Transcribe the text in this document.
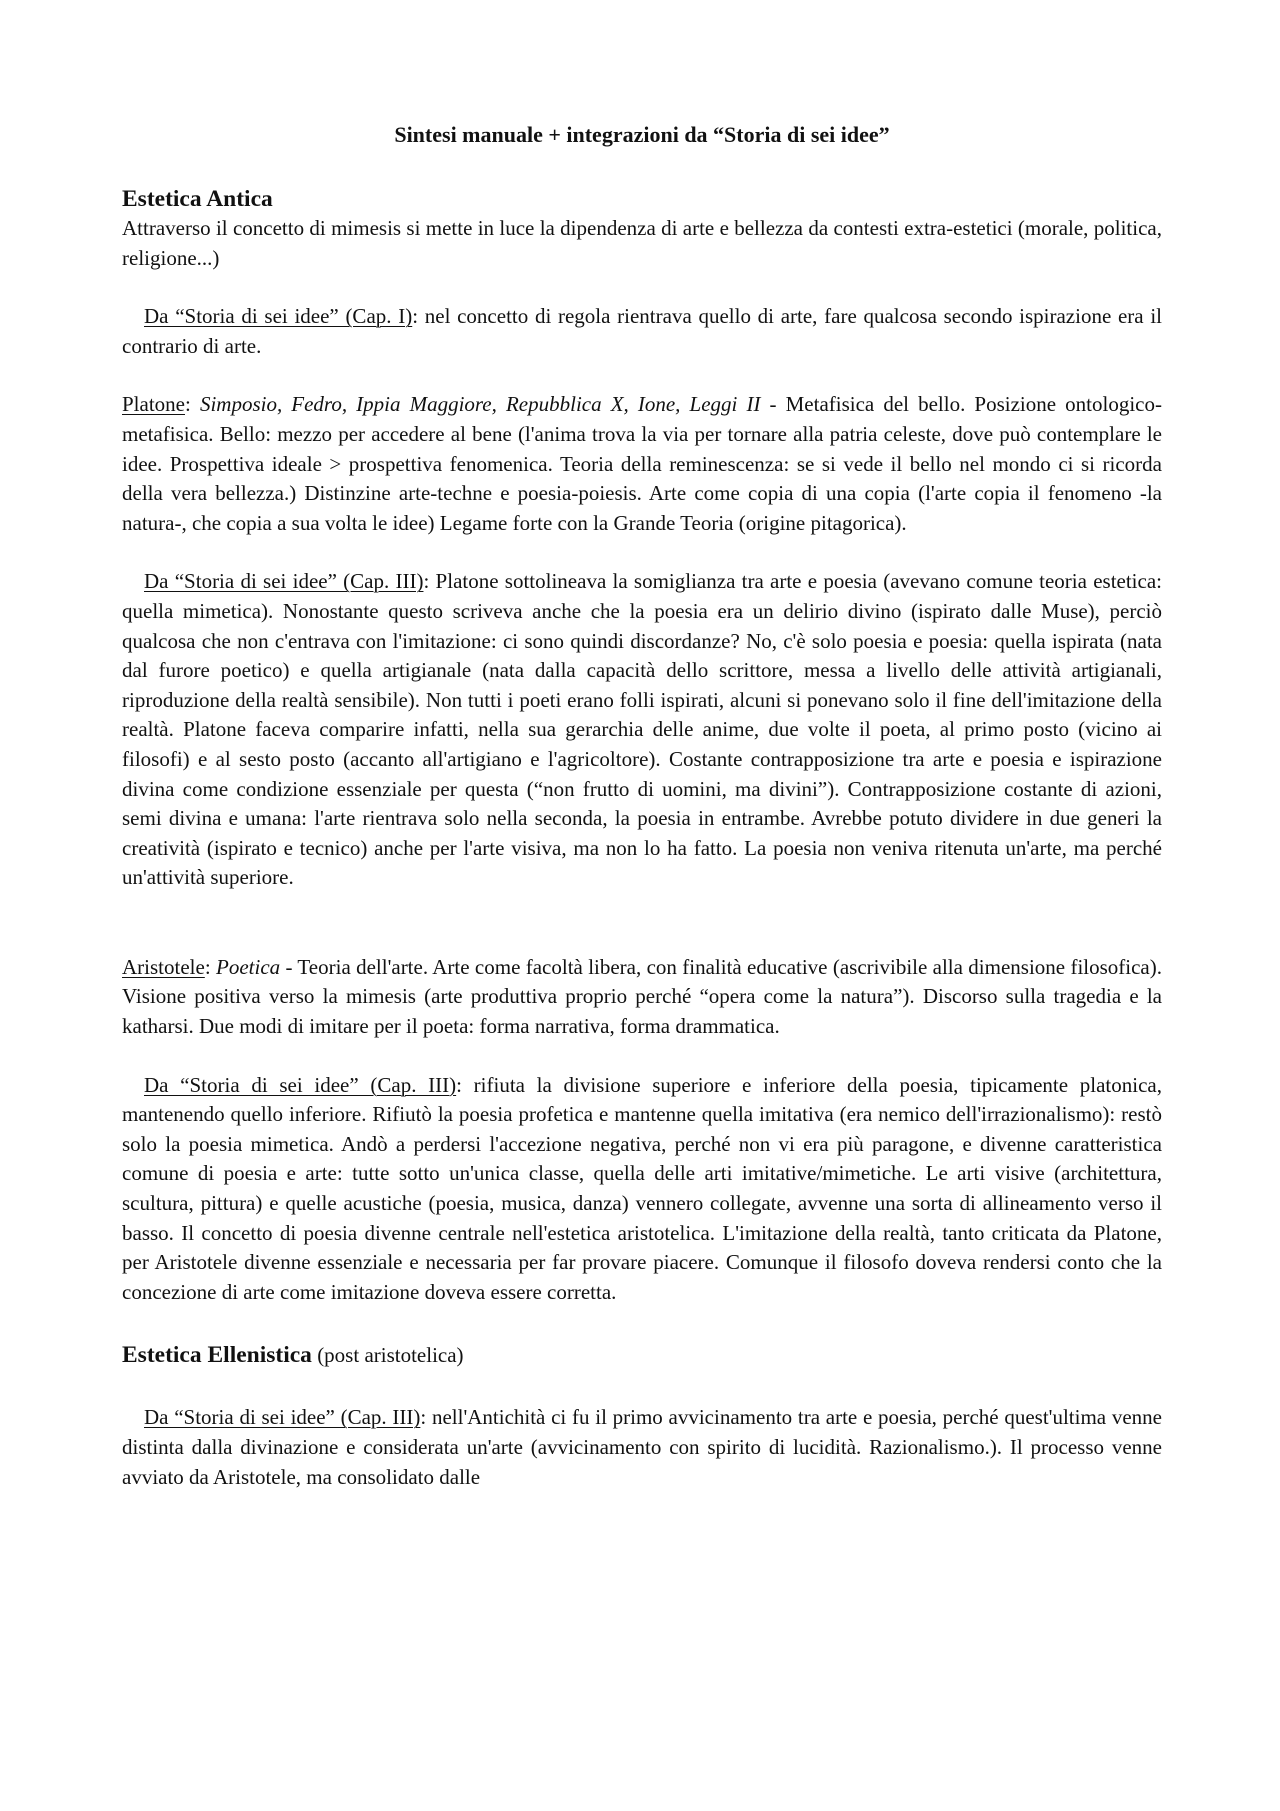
Sintesi manuale + integrazioni da “Storia di sei idee”
Estetica Antica

Attraverso il concetto di mimesis si mette in luce la dipendenza di arte e bellezza da contesti extra-estetici (morale, politica, religione...)

Da “Storia di sei idee” (Cap. I): nel concetto di regola rientrava quello di arte, fare qualcosa secondo ispirazione era il contrario di arte.

Platone: Simposio, Fedro, Ippia Maggiore, Repubblica X, Ione, Leggi II - Metafisica del bello. Posizione ontologico-metafisica. Bello: mezzo per accedere al bene (l'anima trova la via per tornare alla patria celeste, dove può contemplare le idee. Prospettiva ideale > prospettiva fenomenica. Teoria della reminescenza: se si vede il bello nel mondo ci si ricorda della vera bellezza.) Distinzine arte-techne e poesia-poiesis. Arte come copia di una copia (l'arte copia il fenomeno -la natura-, che copia a sua volta le idee) Legame forte con la Grande Teoria (origine pitagorica).

Da “Storia di sei idee” (Cap. III): Platone sottolineava la somiglianza tra arte e poesia (avevano comune teoria estetica: quella mimetica). Nonostante questo scriveva anche che la poesia era un delirio divino (ispirato dalle Muse), perciò qualcosa che non c'entrava con l'imitazione: ci sono quindi discordanze? No, c'è solo poesia e poesia: quella ispirata (nata dal furore poetico) e quella artigianale (nata dalla capacità dello scrittore, messa a livello delle attività artigianali, riproduzione della realtà sensibile). Non tutti i poeti erano folli ispirati, alcuni si ponevano solo il fine dell'imitazione della realtà. Platone faceva comparire infatti, nella sua gerarchia delle anime, due volte il poeta, al primo posto (vicino ai filosofi) e al sesto posto (accanto all'artigiano e l'agricoltore). Costante contrapposizione tra arte e poesia e ispirazione divina come condizione essenziale per questa (“non frutto di uomini, ma divini”). Contrapposizione costante di azioni, semi divina e umana: l'arte rientrava solo nella seconda, la poesia in entrambe. Avrebbe potuto dividere in due generi la creatività (ispirato e tecnico) anche per l'arte visiva, ma non lo ha fatto. La poesia non veniva ritenuta un'arte, ma perché un'attività superiore.

Aristotele: Poetica - Teoria dell'arte. Arte come facoltà libera, con finalità educative (ascrivibile alla dimensione filosofica). Visione positiva verso la mimesis (arte produttiva proprio perché “opera come la natura”). Discorso sulla tragedia e la katharsi. Due modi di imitare per il poeta: forma narrativa, forma drammatica.

Da “Storia di sei idee” (Cap. III): rifiuta la divisione superiore e inferiore della poesia, tipicamente platonica, mantenendo quello inferiore. Rifiutò la poesia profetica e mantenne quella imitativa (era nemico dell'irrazionalismo): restò solo la poesia mimetica. Andò a perdersi l'accezione negativa, perché non vi era più paragone, e divenne caratteristica comune di poesia e arte: tutte sotto un'unica classe, quella delle arti imitative/mimetiche. Le arti visive (architettura, scultura, pittura) e quelle acustiche (poesia, musica, danza) vennero collegate, avvenne una sorta di allineamento verso il basso. Il concetto di poesia divenne centrale nell'estetica aristotelica. L'imitazione della realtà, tanto criticata da Platone, per Aristotele divenne essenziale e necessaria per far provare piacere. Comunque il filosofo doveva rendersi conto che la concezione di arte come imitazione doveva essere corretta.

Estetica Ellenistica (post aristotelica)

Da “Storia di sei idee” (Cap. III): nell'Antichità ci fu il primo avvicinamento tra arte e poesia, perché quest'ultima venne distinta dalla divinazione e considerata un'arte (avvicinamento con spirito di lucidità. Razionalismo.). Il processo venne avviato da Aristotele, ma consolidato dalle
